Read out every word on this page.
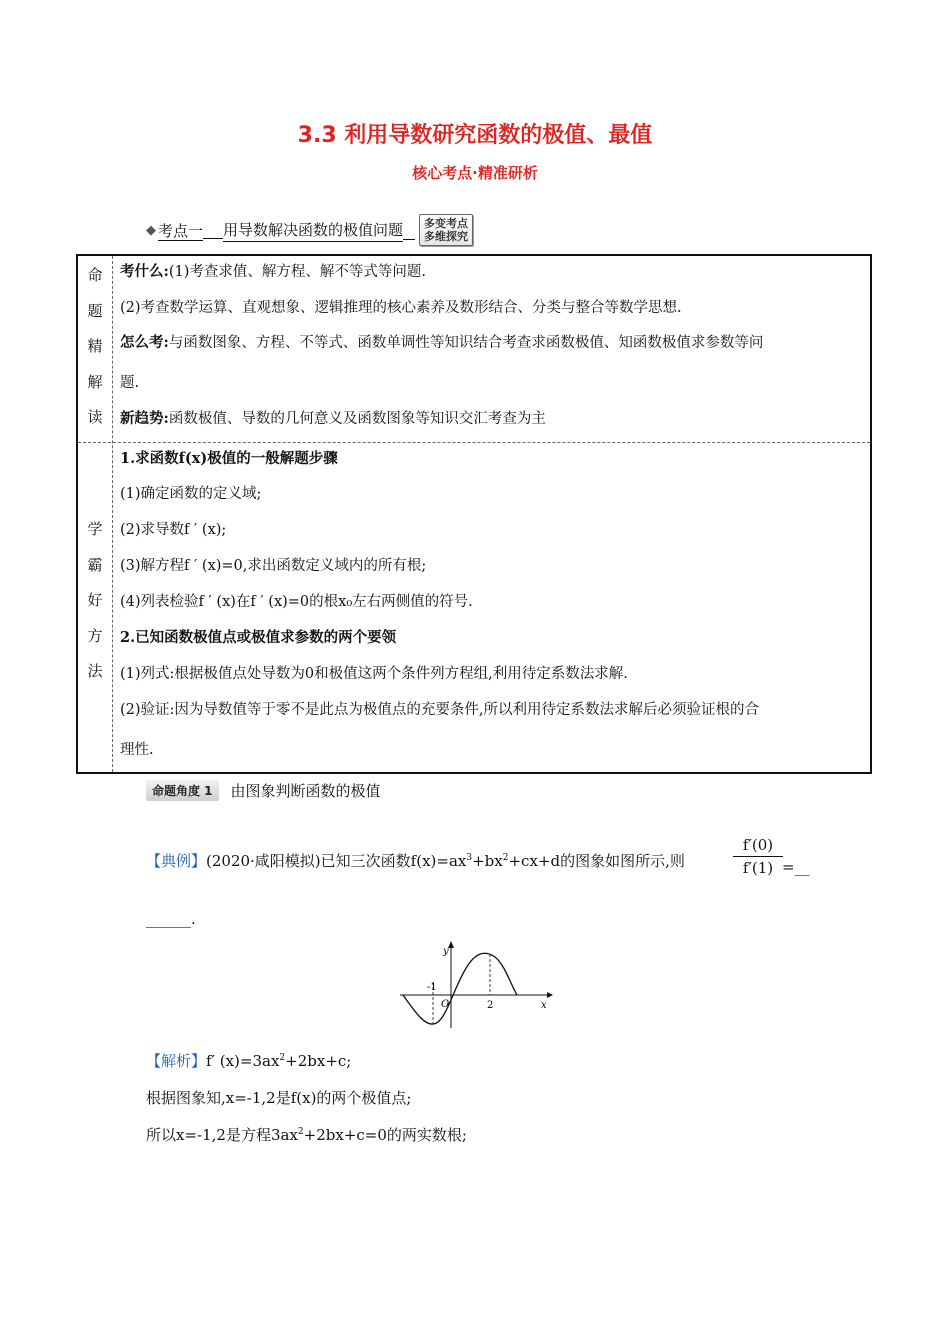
3.3 利用导数研究函数的极值、最值
核心考点·精准研析
◆ 考点一 用导数解决函数的极值问题	多变考点
多维探究
命
题
精
解
读
学
霸
好
方
法
考什么:(1)考查求值、解方程、解不等式等问题.
(2)考查数学运算、直观想象、逻辑推理的核心素养及数形结合、分类与整合等数学思想.
怎么考:与函数图象、方程、不等式、函数单调性等知识结合考查求函数极值、知函数极值求参数等问
题.
新趋势:函数极值、导数的几何意义及函数图象等知识交汇考查为主
1.求函数f(x)极值的一般解题步骤
(1)确定函数的定义域;
(2)求导数f ′ (x);
(3)解方程f ′ (x)=0,求出函数定义域内的所有根;
(4)列表检验f ′ (x)在f ′ (x)=0的根x₀左右两侧值的符号.
2.已知函数极值点或极值求参数的两个要领
(1)列式:根据极值点处导数为0和极值这两个条件列方程组,利用待定系数法求解.
(2)验证:因为导数值等于零不是此点为极值点的充要条件,所以利用待定系数法求解后必须验证根的合
理性.
命题角度 1	由图象判断函数的极值
【典例】(2020·咸阳模拟)已知三次函数$f(x)=ax^3+bx^2+cx+d$的图象如图所示,则	$\frac{f'(0)}{f'(1)}$ =__
______.
y
x
O
-1
2
【解析】f′ $(x)=3ax^2+2bx+c$;
根据图象知,x=-1,2是f(x)的两个极值点;
所以x=-1,2是方程$3ax^2+2bx+c=0$的两实数根;
